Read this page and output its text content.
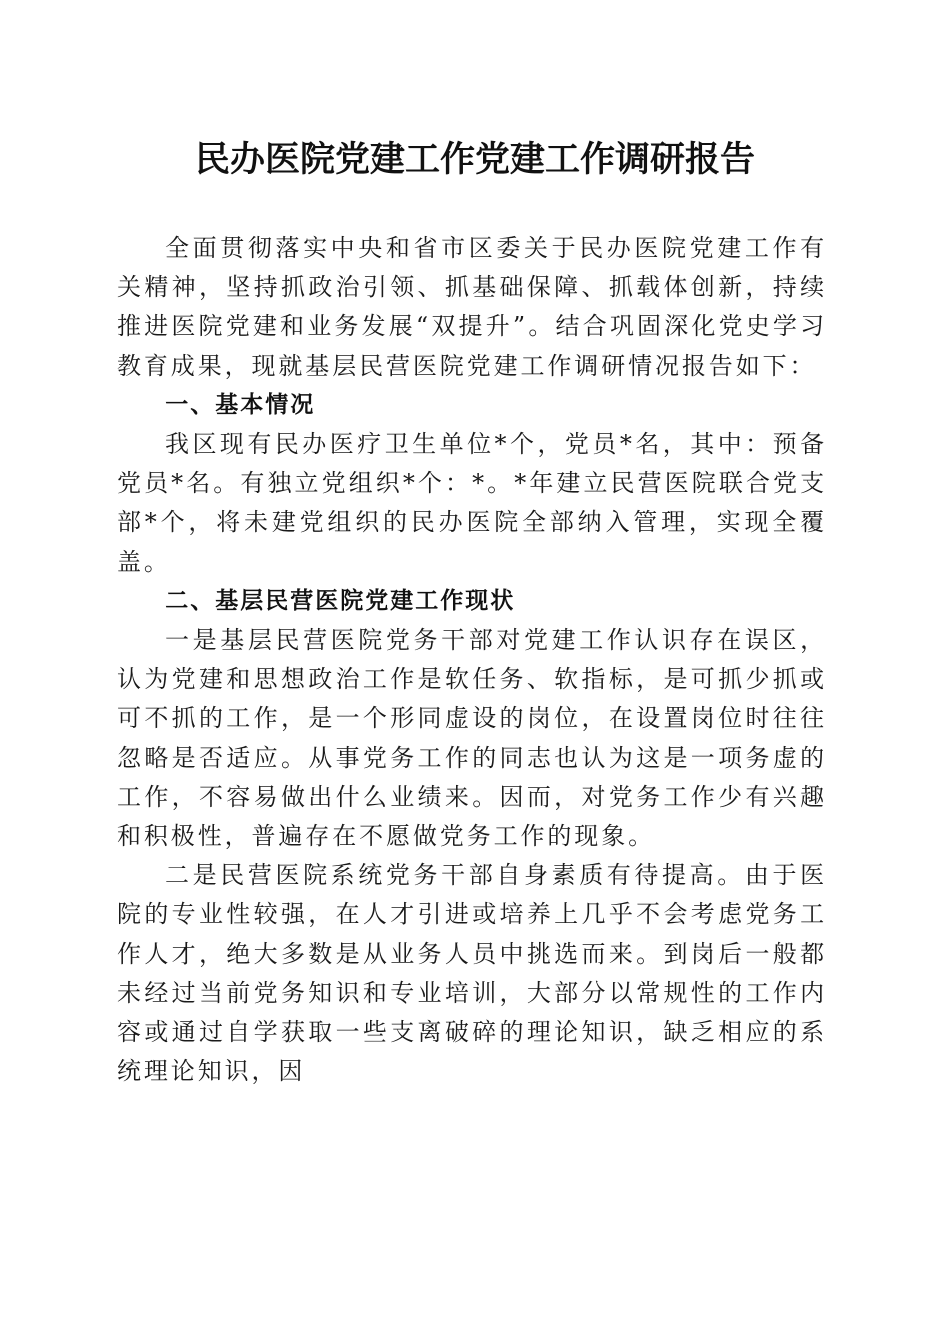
民办医院党建工作党建工作调研报告

全面贯彻落实中央和省市区委关于民办医院党建工作有关精神，坚持抓政治引领、抓基础保障、抓载体创新，持续推进医院党建和业务发展“双提升”。结合巩固深化党史学习教育成果，现就基层民营医院党建工作调研情况报告如下：

一、基本情况

我区现有民办医疗卫生单位*个，党员*名，其中：预备党员*名。有独立党组织*个：*。*年建立民营医院联合党支部*个，将未建党组织的民办医院全部纳入管理，实现全覆盖。

二、基层民营医院党建工作现状

一是基层民营医院党务干部对党建工作认识存在误区，认为党建和思想政治工作是软任务、软指标，是可抓少抓或可不抓的工作，是一个形同虚设的岗位，在设置岗位时往往忽略是否适应。从事党务工作的同志也认为这是一项务虚的工作，不容易做出什么业绩来。因而，对党务工作少有兴趣和积极性，普遍存在不愿做党务工作的现象。

二是民营医院系统党务干部自身素质有待提高。由于医院的专业性较强，在人才引进或培养上几乎不会考虑党务工作人才，绝大多数是从业务人员中挑选而来。到岗后一般都未经过当前党务知识和专业培训，大部分以常规性的工作内容或通过自学获取一些支离破碎的理论知识，缺乏相应的系统理论知识，因
